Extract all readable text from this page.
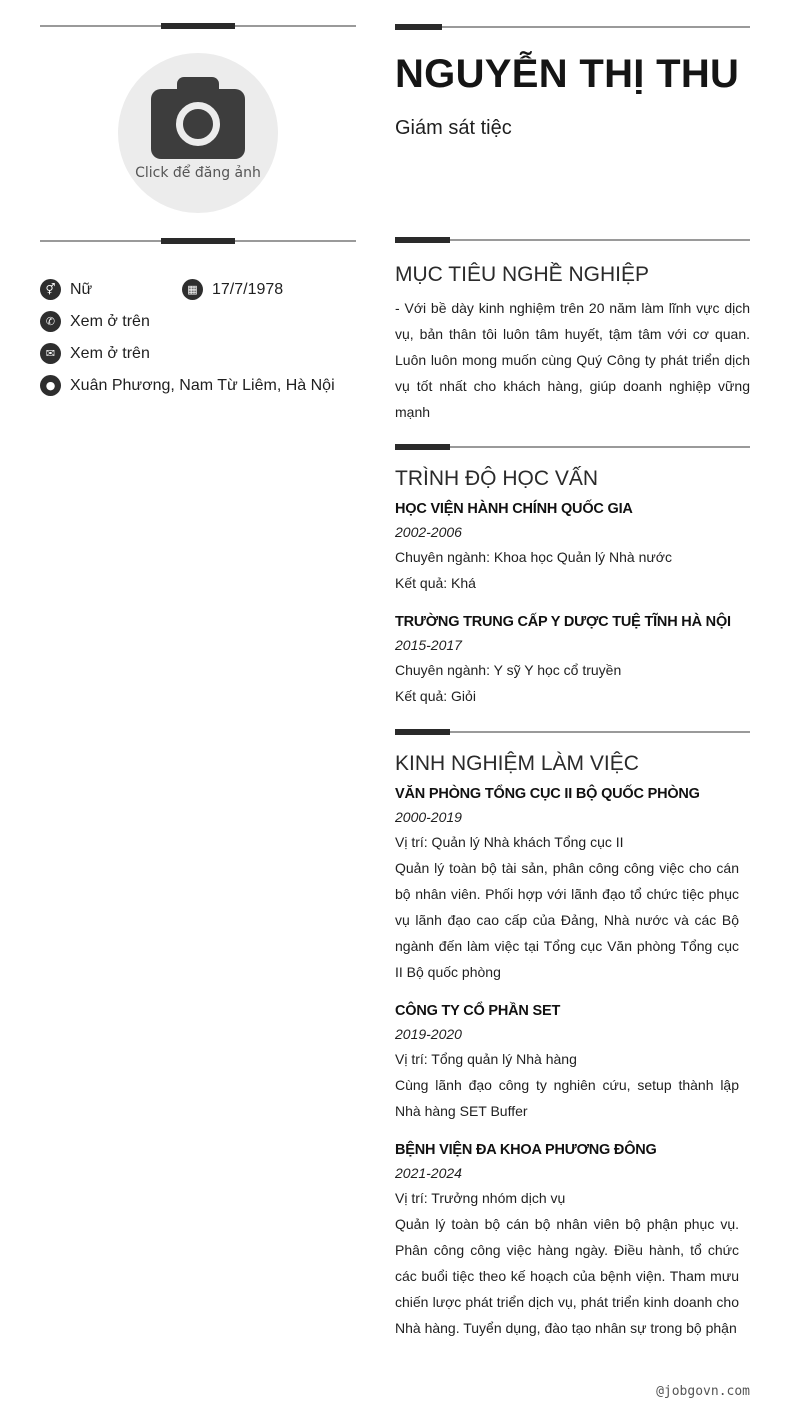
Click để đăng ảnh
⚥ Nữ	▦ 17/7/1978
✆ Xem ở trên
✉ Xem ở trên
● Xuân Phương, Nam Từ Liêm, Hà Nội
NGUYỄN THỊ THU
Giám sát tiệc
MỤC TIÊU NGHỀ NGHIỆP
- Với bề dày kinh nghiệm trên 20 năm làm lĩnh vực dịch vụ, bản thân tôi luôn tâm huyết, tậm tâm với cơ quan. Luôn luôn mong muốn cùng Quý Công ty phát triển dịch vụ tốt nhất cho khách hàng, giúp doanh nghiệp vững mạnh
TRÌNH ĐỘ HỌC VẤN
HỌC VIỆN HÀNH CHÍNH QUỐC GIA
2002-2006
Chuyên ngành: Khoa học Quản lý Nhà nước
Kết quả: Khá
TRƯỜNG TRUNG CẤP Y DƯỢC TUỆ TĨNH HÀ NỘI
2015-2017
Chuyên ngành: Y sỹ Y học cổ truyền
Kết quả: Giỏi
KINH NGHIỆM LÀM VIỆC
VĂN PHÒNG TỔNG CỤC II BỘ QUỐC PHÒNG
2000-2019
Vị trí: Quản lý Nhà khách Tổng cục II
Quản lý toàn bộ tài sản, phân công công việc cho cán bộ nhân viên. Phối hợp với lãnh đạo tổ chức tiệc phục vụ lãnh đạo cao cấp của Đảng, Nhà nước và các Bộ ngành đến làm việc tại Tổng cục Văn phòng Tổng cục II Bộ quốc phòng
CÔNG TY CỔ PHẦN SET
2019-2020
Vị trí: Tổng quản lý Nhà hàng
Cùng lãnh đạo công ty nghiên cứu, setup thành lập Nhà hàng SET Buffer
BỆNH VIỆN ĐA KHOA PHƯƠNG ĐÔNG
2021-2024
Vị trí: Trưởng nhóm dịch vụ
Quản lý toàn bộ cán bộ nhân viên bộ phận phục vụ. Phân công công việc hàng ngày. Điều hành, tổ chức các buổi tiệc theo kế hoạch của bệnh viện. Tham mưu chiến lược phát triển dịch vụ, phát triển kinh doanh cho Nhà hàng. Tuyển dụng, đào tạo nhân sự trong bộ phận
@jobgovn.com
